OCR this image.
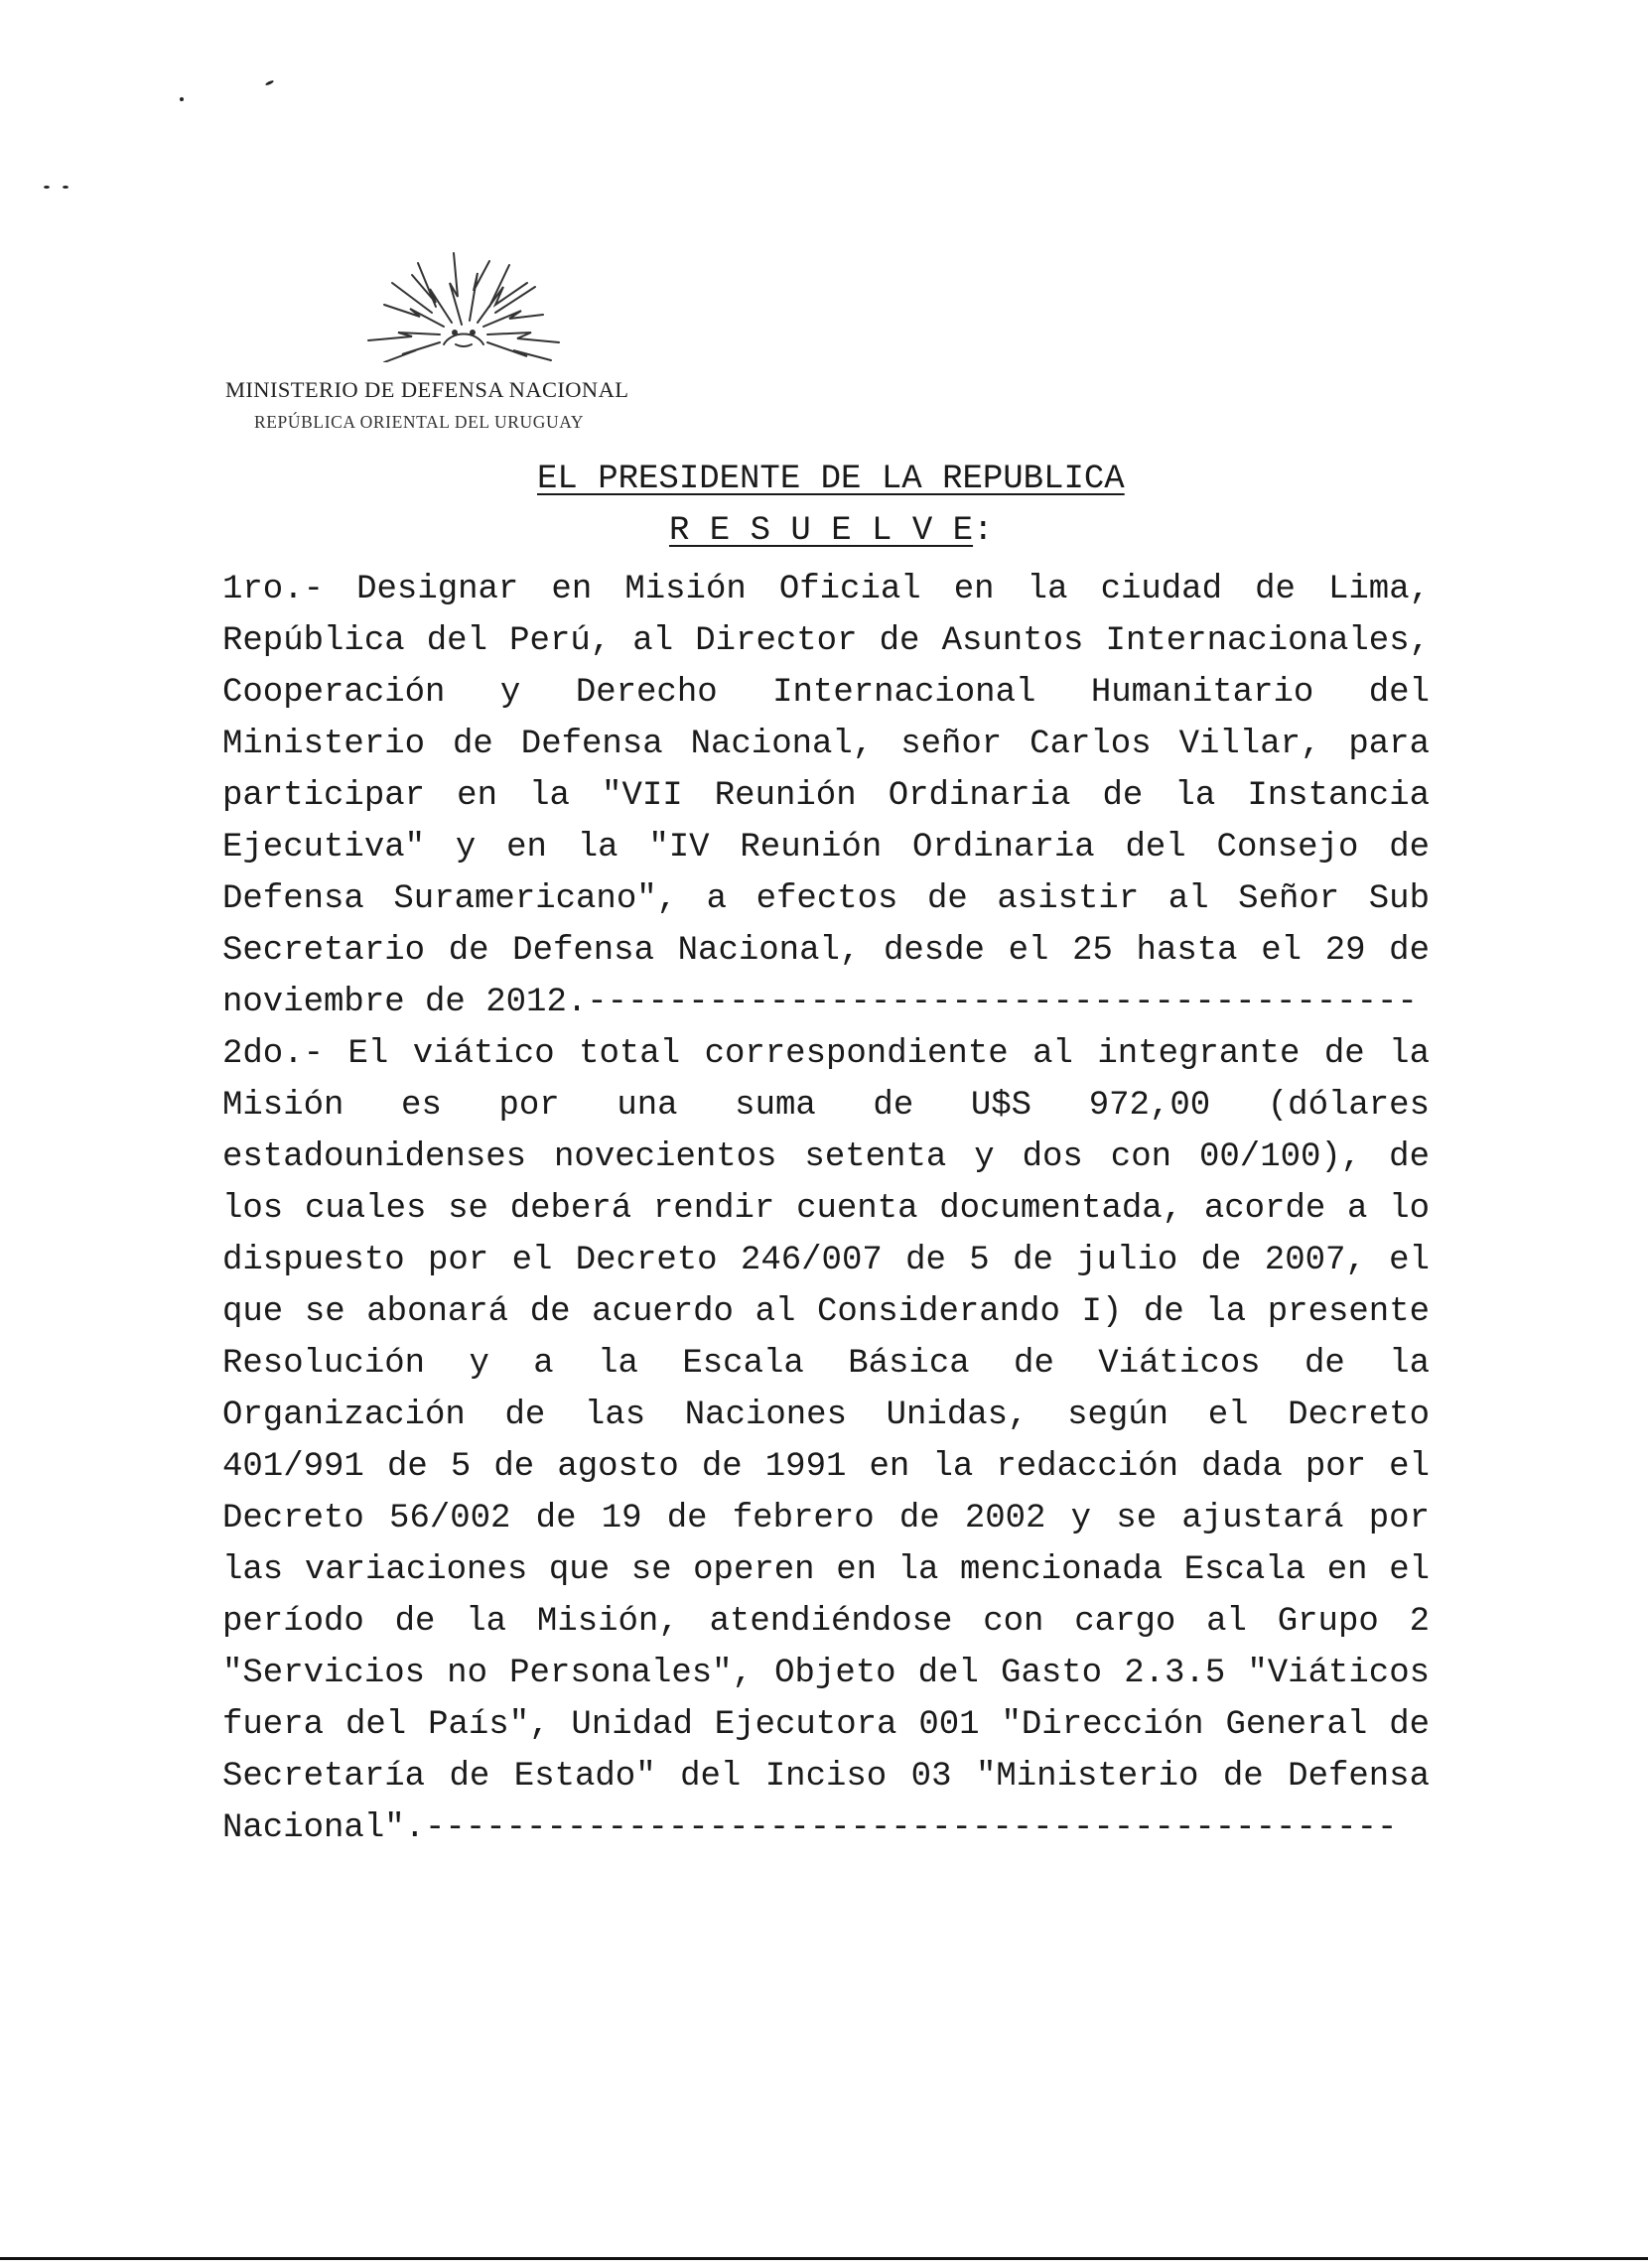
MINISTERIO DE DEFENSA NACIONAL
REPÚBLICA ORIENTAL DEL URUGUAY
EL PRESIDENTE DE LA REPUBLICA
R E S U E L V E:
1ro.- Designar en Misión Oficial en la ciudad de Lima,
República del Perú, al Director de Asuntos Internacionales,
Cooperación y Derecho Internacional Humanitario del
Ministerio de Defensa Nacional, señor Carlos Villar, para
participar en la "VII Reunión Ordinaria de la Instancia
Ejecutiva" y en la "IV Reunión Ordinaria del Consejo de
Defensa Suramericano", a efectos de asistir al Señor Sub
Secretario de Defensa Nacional, desde el 25 hasta el 29 de
noviembre de 2012.-----------------------------------------
2do.- El viático total correspondiente al integrante de la
Misión es por una suma de U$S 972,00 (dólares
estadounidenses novecientos setenta y dos con 00/100), de
los cuales se deberá rendir cuenta documentada, acorde a lo
dispuesto por el Decreto 246/007 de 5 de julio de 2007, el
que se abonará de acuerdo al Considerando I) de la presente
Resolución y a la Escala Básica de Viáticos de la
Organización de las Naciones Unidas, según el Decreto
401/991 de 5 de agosto de 1991 en la redacción dada por el
Decreto 56/002 de 19 de febrero de 2002 y se ajustará por
las variaciones que se operen en la mencionada Escala en el
período de la Misión, atendiéndose con cargo al Grupo 2
"Servicios no Personales", Objeto del Gasto 2.3.5 "Viáticos
fuera del País", Unidad Ejecutora 001 "Dirección General de
Secretaría de Estado" del Inciso 03 "Ministerio de Defensa
Nacional".------------------------------------------------
